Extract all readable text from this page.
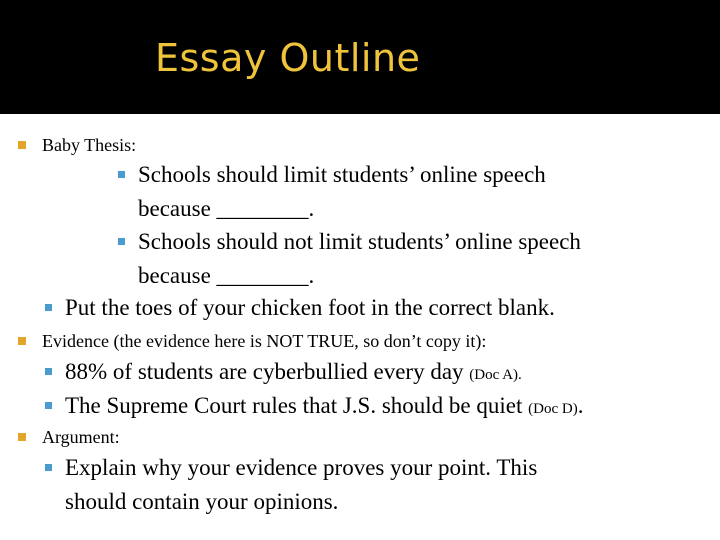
Essay Outline
Baby Thesis:
Schools should limit students’ online speech
because ________.
Schools should not limit students’ online speech
because ________.
Put the toes of your chicken foot in the correct blank.
Evidence (the evidence here is NOT TRUE, so don’t copy it):
88% of students are cyberbullied every day (Doc A).
The Supreme Court rules that J.S. should be quiet (Doc D).
Argument:
Explain why your evidence proves your point. This
should contain your opinions.
